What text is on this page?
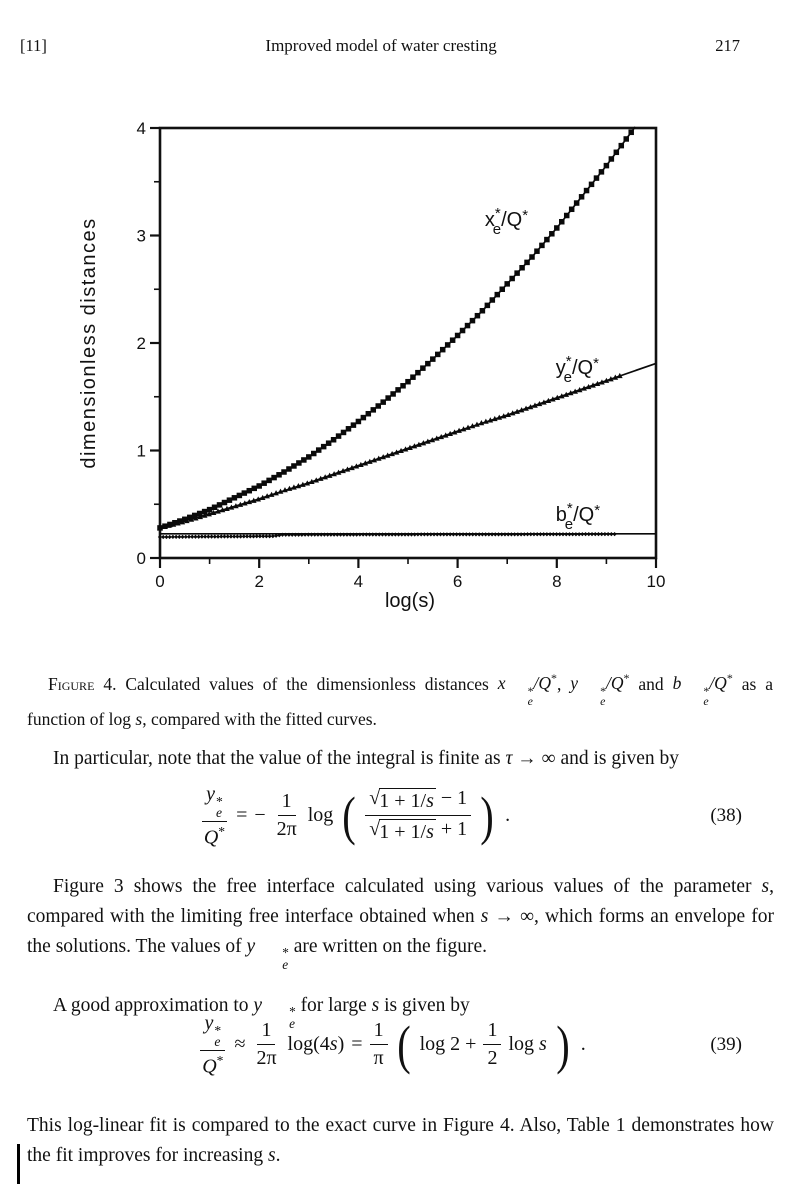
[11]	Improved model of water cresting	217
0	2	4	6	8	10
0
1
2
3
4
log(s)
dimensionless distances	x* e/Q*
y* e/Q*
b* e/Q*

Figure 4. Calculated values of the dimensionless distances x	*
e
/Q*, y	*
e
/Q* and b	*
e
/Q* as a function of log s, compared with the fitted curves.

In particular, note that the value of the integral is finite as τ → ∞ and is given by

y *
e
Q* = − $\frac{1}{2\pi}$ log ( $\frac{√ 1 + 1/s - 1}{√ 1 + 1/s + 1}$ ) .	(38)

Figure 3 shows the free interface calculated using various values of the parameter s, compared with the limiting free interface obtained when s → ∞, which forms an envelope for the solutions. The values of y	*
e
are written on the figure.

A good approximation to y	*
e
for large s is given by

y *
e
$Q^* \approx \frac{1}{2\pi} \log(4s) = \frac{1}{\pi}$ ( $\log 2 + \frac{1}{2}$ log s ) .	(39)

This log-linear fit is compared to the exact curve in Figure 4. Also, Table 1 demonstrates how the fit improves for increasing s.
